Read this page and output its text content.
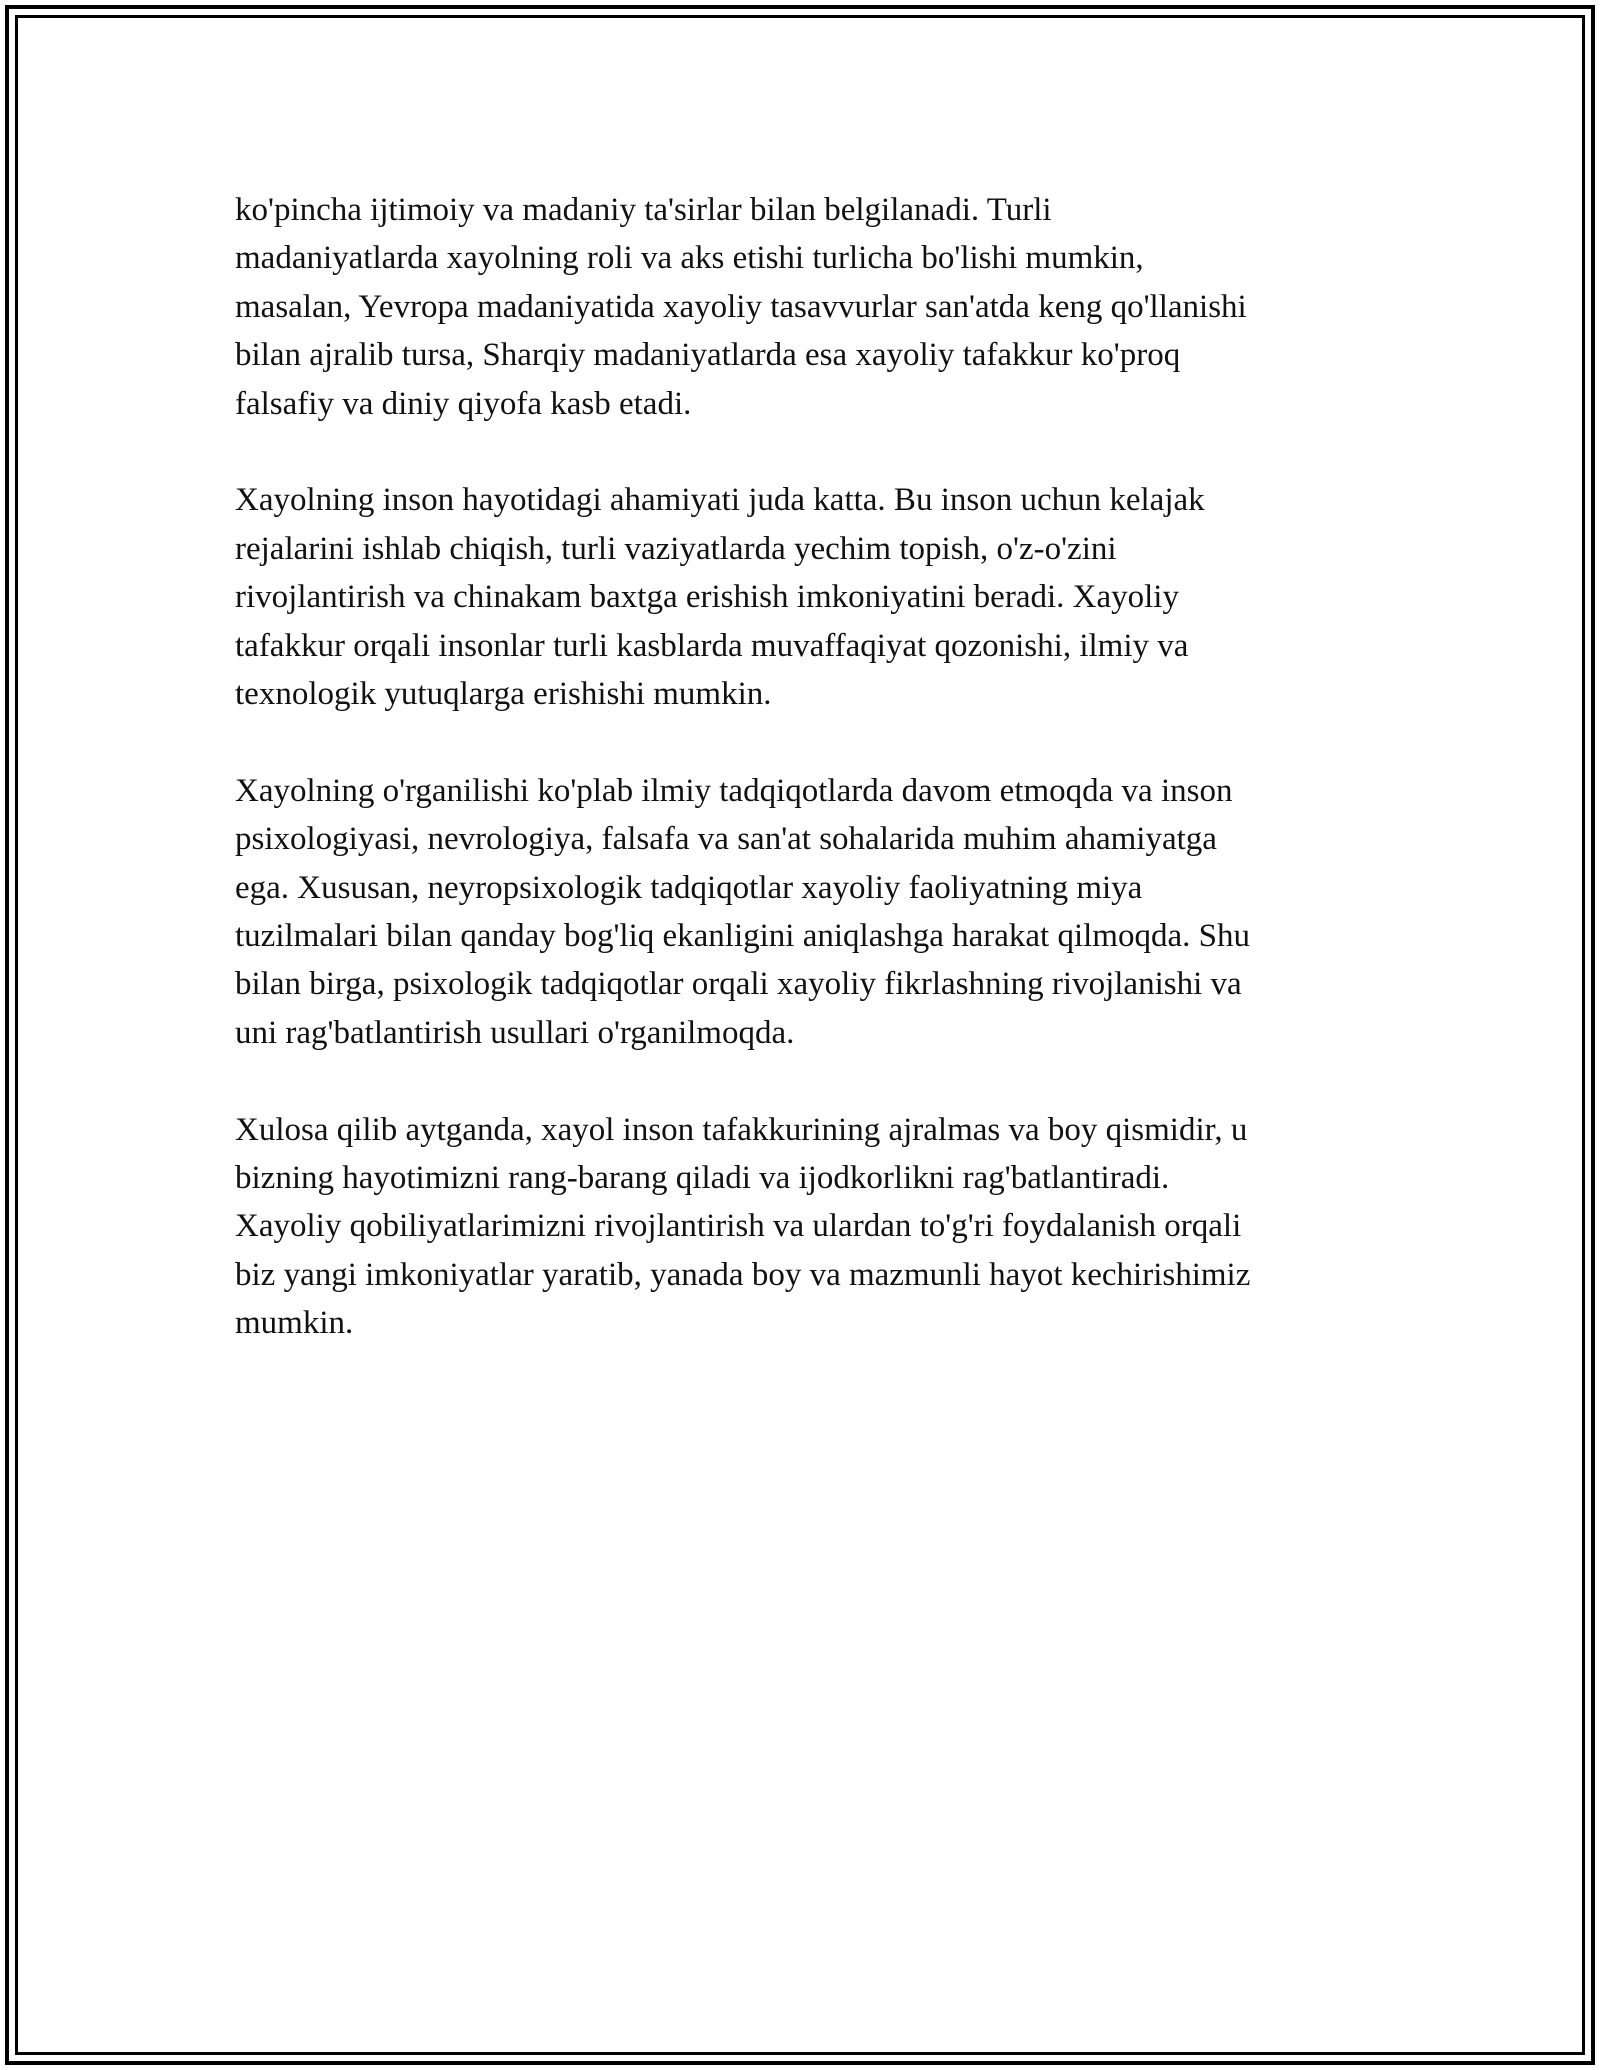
ko'pincha ijtimoiy va madaniy ta'sirlar bilan belgilanadi. Turli
madaniyatlarda xayolning roli va aks etishi turlicha bo'lishi mumkin,
masalan, Yevropa madaniyatida xayoliy tasavvurlar san'atda keng qo'llanishi
bilan ajralib tursa, Sharqiy madaniyatlarda esa xayoliy tafakkur ko'proq
falsafiy va diniy qiyofa kasb etadi.

Xayolning inson hayotidagi ahamiyati juda katta. Bu inson uchun kelajak
rejalarini ishlab chiqish, turli vaziyatlarda yechim topish, o'z-o'zini
rivojlantirish va chinakam baxtga erishish imkoniyatini beradi. Xayoliy
tafakkur orqali insonlar turli kasblarda muvaffaqiyat qozonishi, ilmiy va
texnologik yutuqlarga erishishi mumkin.

Xayolning o'rganilishi ko'plab ilmiy tadqiqotlarda davom etmoqda va inson
psixologiyasi, nevrologiya, falsafa va san'at sohalarida muhim ahamiyatga
ega. Xususan, neyropsixologik tadqiqotlar xayoliy faoliyatning miya
tuzilmalari bilan qanday bog'liq ekanligini aniqlashga harakat qilmoqda. Shu
bilan birga, psixologik tadqiqotlar orqali xayoliy fikrlashning rivojlanishi va
uni rag'batlantirish usullari o'rganilmoqda.

Xulosa qilib aytganda, xayol inson tafakkurining ajralmas va boy qismidir, u
bizning hayotimizni rang-barang qiladi va ijodkorlikni rag'batlantiradi.
Xayoliy qobiliyatlarimizni rivojlantirish va ulardan to'g'ri foydalanish orqali
biz yangi imkoniyatlar yaratib, yanada boy va mazmunli hayot kechirishimiz
mumkin.
